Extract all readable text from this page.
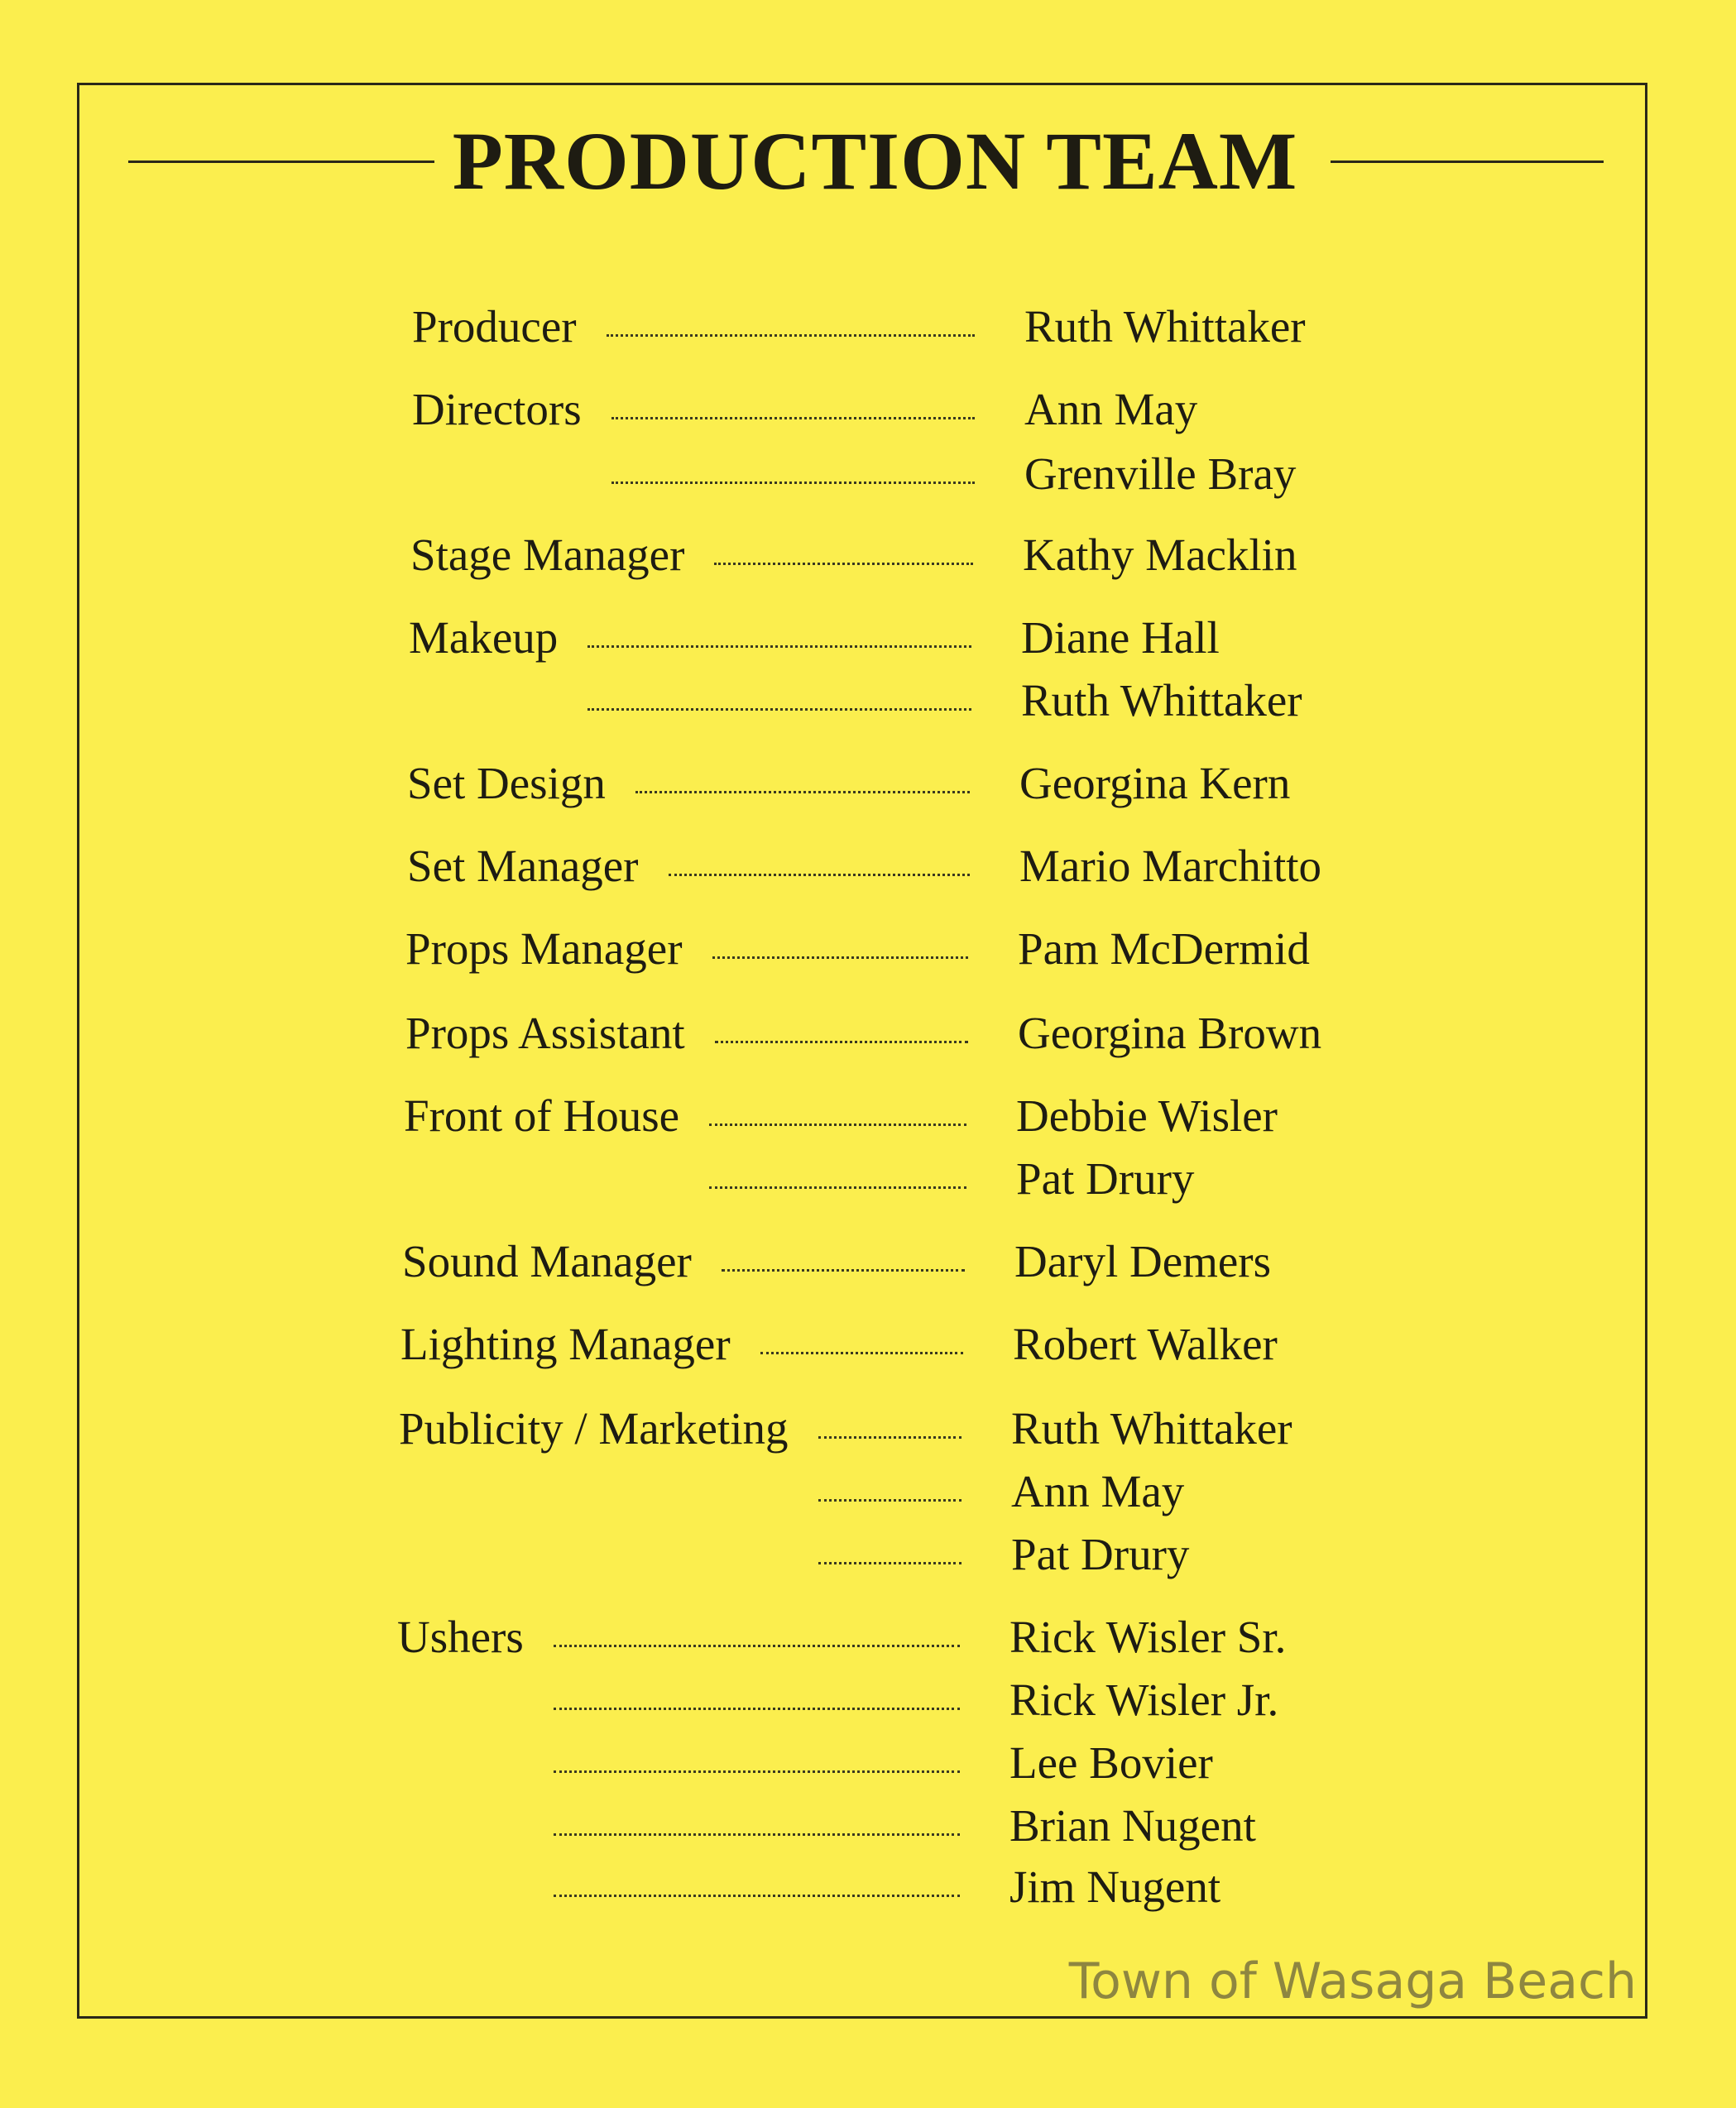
PRODUCTION TEAM
Producer	Ruth Whittaker
Directors	Ann May
Grenville Bray
Stage Manager	Kathy Macklin
Makeup	Diane Hall
Ruth Whittaker
Set Design	Georgina Kern
Set Manager	Mario Marchitto
Props Manager	Pam McDermid
Props Assistant	Georgina Brown
Front of House	Debbie Wisler
Pat Drury
Sound Manager	Daryl Demers
Lighting Manager	Robert Walker
Publicity / Marketing	Ruth Whittaker
Ann May
Pat Drury
Ushers	Rick Wisler Sr.
Rick Wisler Jr.
Lee Bovier
Brian Nugent
Jim Nugent
Town of Wasaga Beach
